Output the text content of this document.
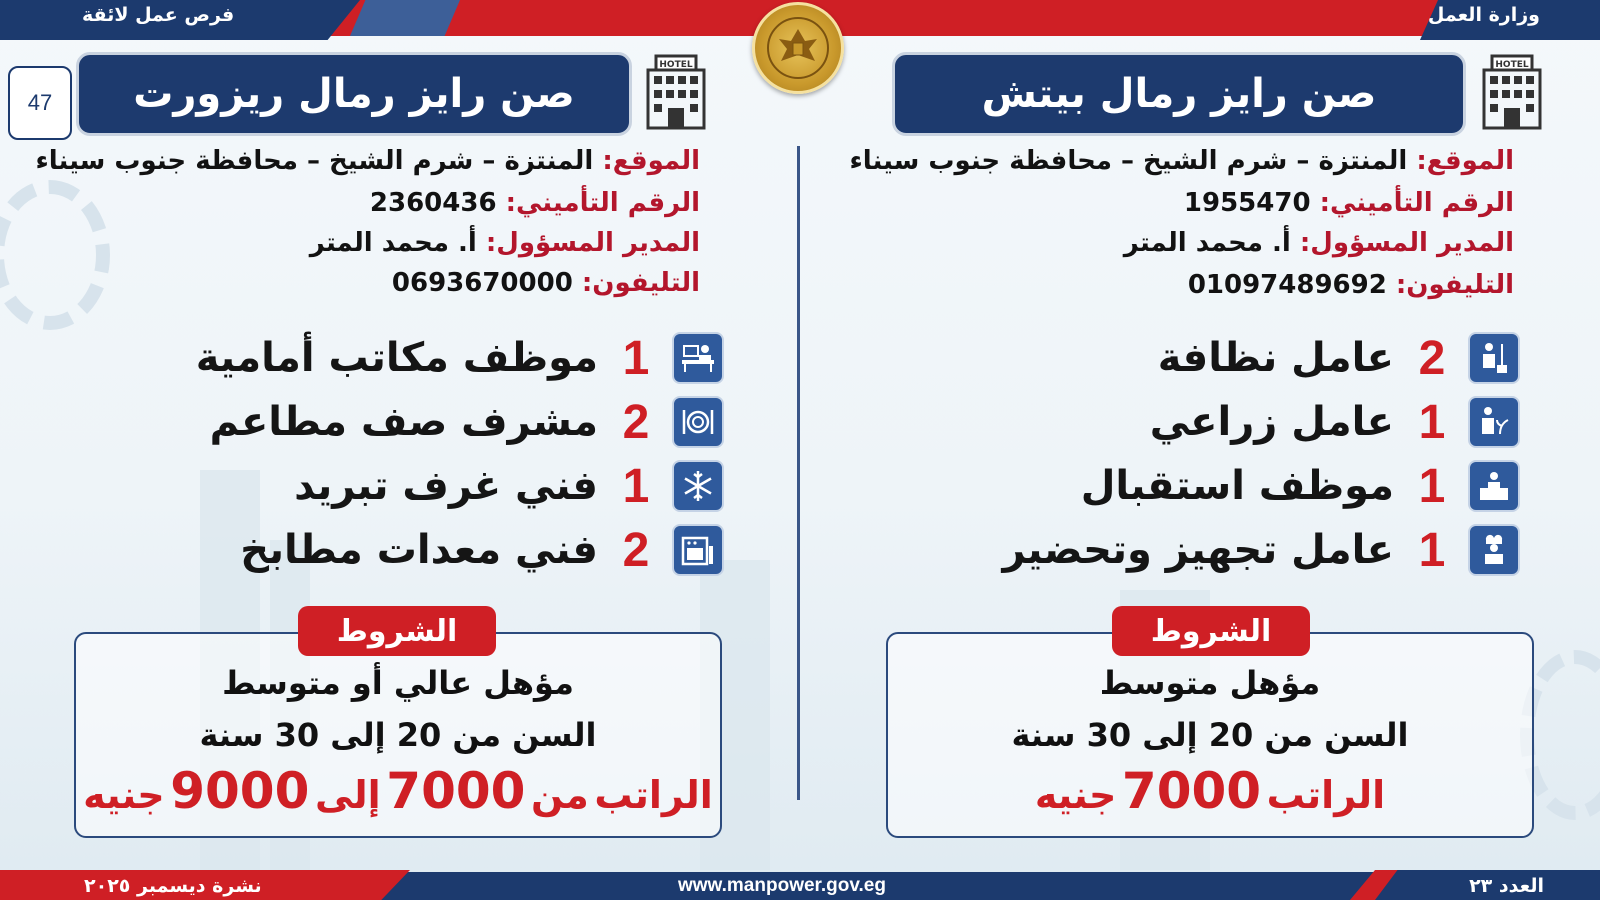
فرص عمل لائقة	وزارة العمل
47	صن رايز رمال بيتش
HOTEL
الموقع: المنتزة – شرم الشيخ – محافظة جنوب سيناء
الرقم التأميني: 1955470
المدير المسؤول: أ. محمد المتر
التليفون: 01097489692
2
عامل نظافة
1
عامل زراعي
1
موظف استقبال
1
عامل تجهيز وتحضير
مؤهل متوسط
السن من 20 إلى 30 سنة
الراتب 7000 جنيه
الشروط
صن رايز رمال ريزورت
HOTEL
الموقع: المنتزة – شرم الشيخ – محافظة جنوب سيناء
الرقم التأميني: 2360436
المدير المسؤول: أ. محمد المتر
التليفون: 0693670000
1
موظف مكاتب أمامية
2
مشرف صف مطاعم
1
فني غرف تبريد
2
فني معدات مطابخ
مؤهل عالي أو متوسط
السن من 20 إلى 30 سنة
الراتب من 7000 إلى 9000 جنيه
الشروط
نشرة ديسمبر ٢٠٢٥	www.manpower.gov.eg	العدد ٢٣
